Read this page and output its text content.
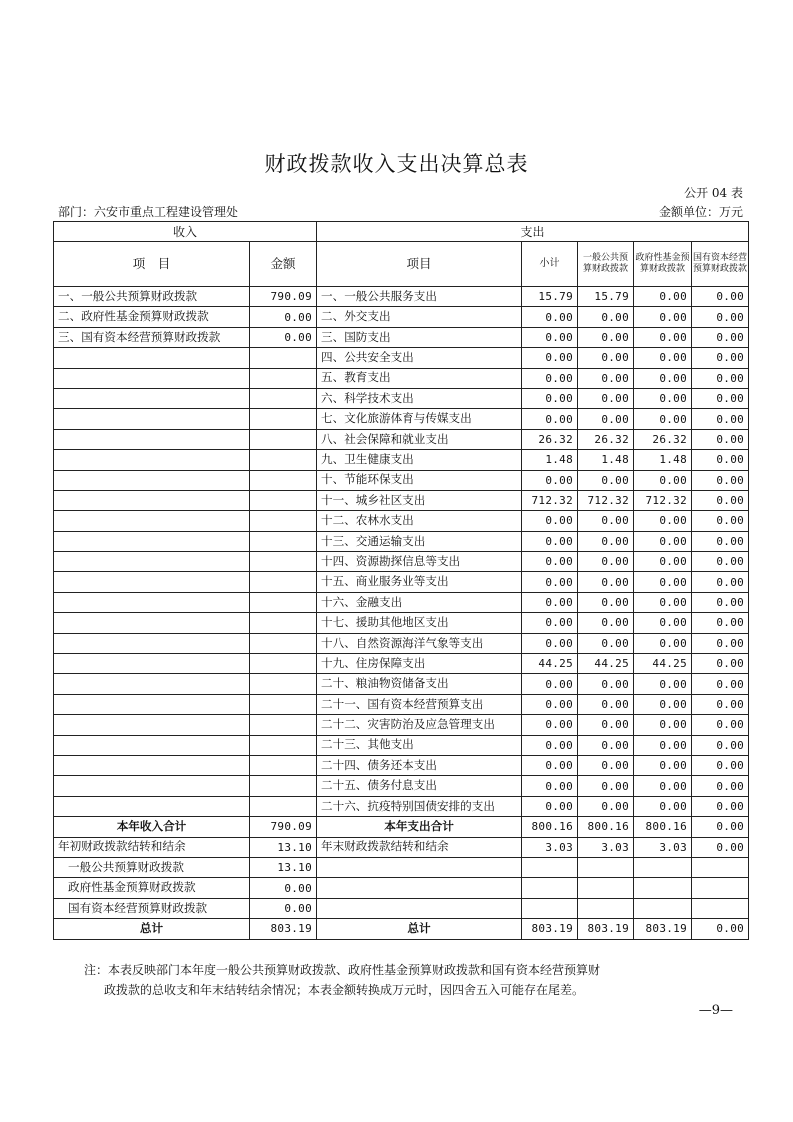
财政拨款收入支出决算总表
公开 04 表
部门：六安市重点工程建设管理处	金额单位：万元
收入		支出				
项　目	金额	项目	小计	一般公共预算财政拨款	政府性基金预算财政拨款	国有资本经营预算财政拨款
一、一般公共预算财政拨款	790.09	一、一般公共服务支出	15.79	15.79	0.00	0.00
二、政府性基金预算财政拨款	0.00	二、外交支出	0.00	0.00	0.00	0.00
三、国有资本经营预算财政拨款	0.00	三、国防支出	0.00	0.00	0.00	0.00
		四、公共安全支出	0.00	0.00	0.00	0.00
		五、教育支出	0.00	0.00	0.00	0.00
		六、科学技术支出	0.00	0.00	0.00	0.00
		七、文化旅游体育与传媒支出	0.00	0.00	0.00	0.00
		八、社会保障和就业支出	26.32	26.32	26.32	0.00
		九、卫生健康支出	1.48	1.48	1.48	0.00
		十、节能环保支出	0.00	0.00	0.00	0.00
		十一、城乡社区支出	712.32	712.32	712.32	0.00
		十二、农林水支出	0.00	0.00	0.00	0.00
		十三、交通运输支出	0.00	0.00	0.00	0.00
		十四、资源勘探信息等支出	0.00	0.00	0.00	0.00
		十五、商业服务业等支出	0.00	0.00	0.00	0.00
		十六、金融支出	0.00	0.00	0.00	0.00
		十七、援助其他地区支出	0.00	0.00	0.00	0.00
		十八、自然资源海洋气象等支出	0.00	0.00	0.00	0.00
		十九、住房保障支出	44.25	44.25	44.25	0.00
		二十、粮油物资储备支出	0.00	0.00	0.00	0.00
		二十一、国有资本经营预算支出	0.00	0.00	0.00	0.00
		二十二、灾害防治及应急管理支出	0.00	0.00	0.00	0.00
		二十三、其他支出	0.00	0.00	0.00	0.00
		二十四、债务还本支出	0.00	0.00	0.00	0.00
		二十五、债务付息支出	0.00	0.00	0.00	0.00
		二十六、抗疫特别国债安排的支出	0.00	0.00	0.00	0.00
本年收入合计	790.09	本年支出合计	800.16	800.16	800.16	0.00
年初财政拨款结转和结余	13.10	年末财政拨款结转和结余	3.03	3.03	3.03	0.00
一般公共预算财政拨款	13.10					
政府性基金预算财政拨款	0.00					
国有资本经营预算财政拨款	0.00					
总计	803.19	总计	803.19	803.19	803.19	0.00
注：本表反映部门本年度一般公共预算财政拨款、政府性基金预算财政拨款和国有资本经营预算财
政拨款的总收支和年末结转结余情况；本表金额转换成万元时，因四舍五入可能存在尾差。
—9—
